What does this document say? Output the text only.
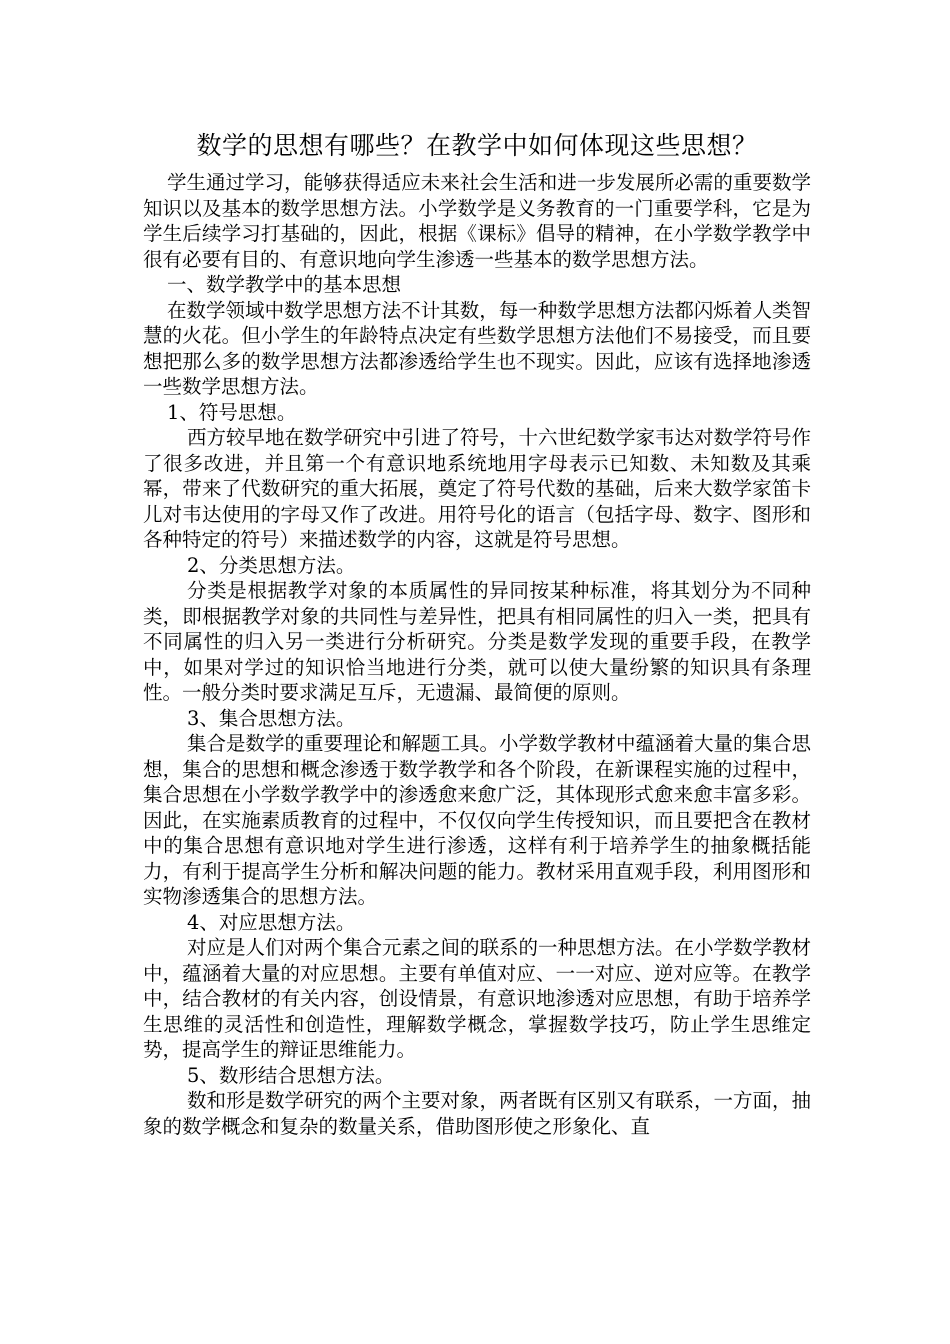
数学的思想有哪些？在教学中如何体现这些思想？

学生通过学习，能够获得适应未来社会生活和进一步发展所必需的重要数学知识以及基本的数学思想方法。小学数学是义务教育的一门重要学科，它是为学生后续学习打基础的，因此，根据《课标》倡导的精神，在小学数学教学中很有必要有目的、有意识地向学生渗透一些基本的数学思想方法。

一、数学教学中的基本思想

在数学领域中数学思想方法不计其数，每一种数学思想方法都闪烁着人类智慧的火花。但小学生的年龄特点决定有些数学思想方法他们不易接受，而且要想把那么多的数学思想方法都渗透给学生也不现实。因此，应该有选择地渗透一些数学思想方法。

1、符号思想。

西方较早地在数学研究中引进了符号，十六世纪数学家韦达对数学符号作了很多改进，并且第一个有意识地系统地用字母表示已知数、未知数及其乘幂，带来了代数研究的重大拓展，奠定了符号代数的基础，后来大数学家笛卡儿对韦达使用的字母又作了改进。用符号化的语言（包括字母、数字、图形和各种特定的符号）来描述数学的内容，这就是符号思想。

2、分类思想方法。

分类是根据教学对象的本质属性的异同按某种标准，将其划分为不同种类，即根据教学对象的共同性与差异性，把具有相同属性的归入一类，把具有不同属性的归入另一类进行分析研究。分类是数学发现的重要手段，在教学中，如果对学过的知识恰当地进行分类，就可以使大量纷繁的知识具有条理性。一般分类时要求满足互斥，无遗漏、最简便的原则。

3、集合思想方法。

集合是数学的重要理论和解题工具。小学数学教材中蕴涵着大量的集合思想，集合的思想和概念渗透于数学教学和各个阶段，在新课程实施的过程中，集合思想在小学数学教学中的渗透愈来愈广泛，其体现形式愈来愈丰富多彩。因此，在实施素质教育的过程中，不仅仅向学生传授知识，而且要把含在教材中的集合思想有意识地对学生进行渗透，这样有利于培养学生的抽象概括能力，有利于提高学生分析和解决问题的能力。教材采用直观手段，利用图形和实物渗透集合的思想方法。

4、对应思想方法。

对应是人们对两个集合元素之间的联系的一种思想方法。在小学数学教材中，蕴涵着大量的对应思想。主要有单值对应、一一对应、逆对应等。在教学中，结合教材的有关内容，创设情景，有意识地渗透对应思想，有助于培养学生思维的灵活性和创造性，理解数学概念，掌握数学技巧，防止学生思维定势，提高学生的辩证思维能力。

5、数形结合思想方法。

数和形是数学研究的两个主要对象，两者既有区别又有联系，一方面，抽象的数学概念和复杂的数量关系，借助图形使之形象化、直
